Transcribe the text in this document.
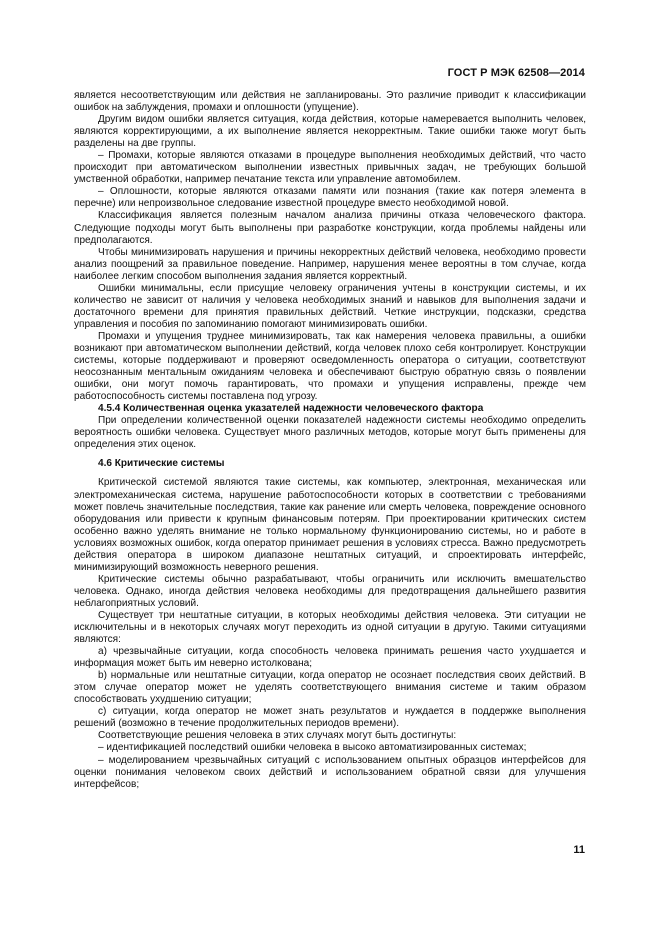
ГОСТ Р МЭК 62508—2014

является несоответствующим или действия не запланированы. Это различие приводит к классификации ошибок на заблуждения, промахи и оплошности (упущение).

Другим видом ошибки является ситуация, когда действия, которые намеревается выполнить человек, являются корректирующими, а их выполнение является некорректным. Такие ошибки также могут быть разделены на две группы.

– Промахи, которые являются отказами в процедуре выполнения необходимых действий, что часто происходит при автоматическом выполнении известных привычных задач, не требующих большой умственной обработки, например печатание текста или управление автомобилем.

– Оплошности, которые являются отказами памяти или познания (такие как потеря элемента в перечне) или непроизвольное следование известной процедуре вместо необходимой новой.

Классификация является полезным началом анализа причины отказа человеческого фактора. Следующие подходы могут быть выполнены при разработке конструкции, когда проблемы найдены или предполагаются.

Чтобы минимизировать нарушения и причины некорректных действий человека, необходимо провести анализ поощрений за правильное поведение. Например, нарушения менее вероятны в том случае, когда наиболее легким способом выполнения задания является корректный.

Ошибки минимальны, если присущие человеку ограничения учтены в конструкции системы, и их количество не зависит от наличия у человека необходимых знаний и навыков для выполнения задачи и достаточного времени для принятия правильных действий. Четкие инструкции, подсказки, средства управления и пособия по запоминанию помогают минимизировать ошибки.

Промахи и упущения труднее минимизировать, так как намерения человека правильны, а ошибки возникают при автоматическом выполнении действий, когда человек плохо себя контролирует. Конструкции системы, которые поддерживают и проверяют осведомленность оператора о ситуации, соответствуют неосознанным ментальным ожиданиям человека и обеспечивают быструю обратную связь о появлении ошибки, они могут помочь гарантировать, что промахи и упущения исправлены, прежде чем работоспособность системы поставлена под угрозу.

4.5.4 Количественная оценка указателей надежности человеческого фактора

При определении количественной оценки показателей надежности системы необходимо определить вероятность ошибки человека. Существует много различных методов, которые могут быть применены для определения этих оценок.

4.6 Критические системы

Критической системой являются такие системы, как компьютер, электронная, механическая или электромеханическая система, нарушение работоспособности которых в соответствии с требованиями может повлечь значительные последствия, такие как ранение или смерть человека, повреждение основного оборудования или привести к крупным финансовым потерям. При проектировании критических систем особенно важно уделять внимание не только нормальному функционированию системы, но и работе в условиях возможных ошибок, когда оператор принимает решения в условиях стресса. Важно предусмотреть действия оператора в широком диапазоне нештатных ситуаций, и спроектировать интерфейс, минимизирующий возможность неверного решения.

Критические системы обычно разрабатывают, чтобы ограничить или исключить вмешательство человека. Однако, иногда действия человека необходимы для предотвращения дальнейшего развития неблагоприятных условий.

Существует три нештатные ситуации, в которых необходимы действия человека. Эти ситуации не исключительны и в некоторых случаях могут переходить из одной ситуации в другую. Такими ситуациями являются:

а) чрезвычайные ситуации, когда способность человека принимать решения часто ухудшается и информация может быть им неверно истолкована;

b) нормальные или нештатные ситуации, когда оператор не осознает последствия своих действий. В этом случае оператор может не уделять соответствующего внимания системе и таким образом способствовать ухудшению ситуации;

с) ситуации, когда оператор не может знать результатов и нуждается в поддержке выполнения решений (возможно в течение продолжительных периодов времени).

Соответствующие решения человека в этих случаях могут быть достигнуты:

– идентификацией последствий ошибки человека в высоко автоматизированных системах;

– моделированием чрезвычайных ситуаций с использованием опытных образцов интерфейсов для оценки понимания человеком своих действий и использованием обратной связи для улучшения интерфейсов;

11
